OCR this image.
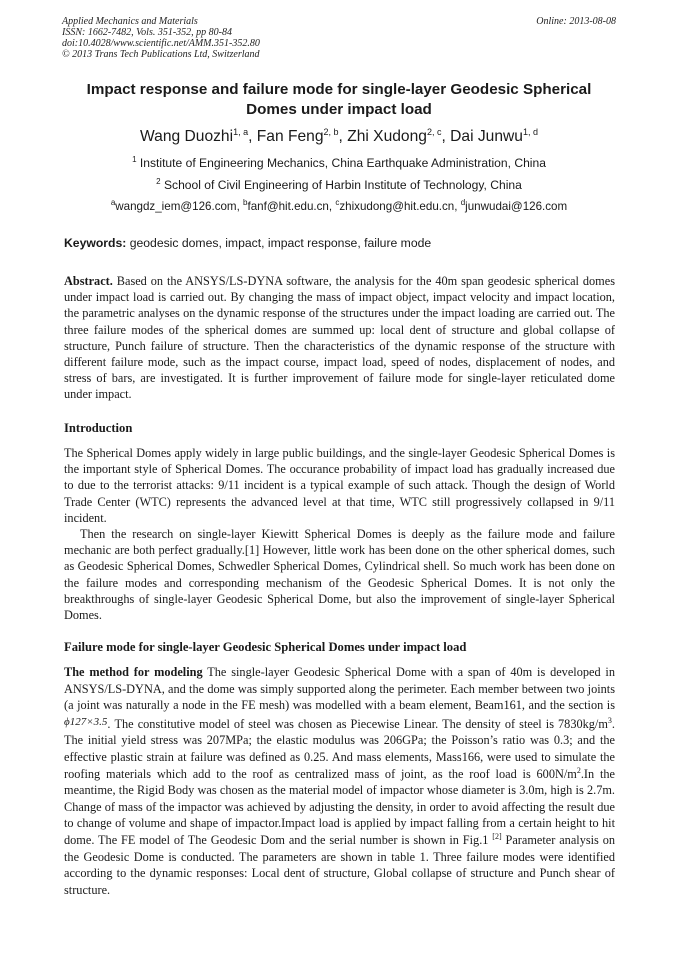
Applied Mechanics and Materials
ISSN: 1662-7482, Vols. 351-352, pp 80-84
doi:10.4028/www.scientific.net/AMM.351-352.80
© 2013 Trans Tech Publications Ltd, Switzerland
Online: 2013-08-08
Impact response and failure mode for single-layer Geodesic Spherical Domes under impact load
Wang Duozhi$^{1, a}$, Fan Feng$^{2, b}$, Zhi Xudong$^{2, c}$, Dai Junwu$^{1, d}$
$^1$ Institute of Engineering Mechanics, China Earthquake Administration, China
$^2$ School of Civil Engineering of Harbin Institute of Technology, China
$^a$wangdz_iem@126.com, $^b$fanf@hit.edu.cn, $^c$zhixudong@hit.edu.cn, $^d$junwudai@126.com
Keywords: geodesic domes, impact, impact response, failure mode
Abstract. Based on the ANSYS/LS-DYNA software, the analysis for the 40m span geodesic spherical domes under impact load is carried out. By changing the mass of impact object, impact velocity and impact location, the parametric analyses on the dynamic response of the structures under the impact loading are carried out. The three failure modes of the spherical domes are summed up: local dent of structure and global collapse of structure, Punch failure of structure. Then the characteristics of the dynamic response of the structure with different failure mode, such as the impact course, impact load, speed of nodes, displacement of nodes, and stress of bars, are investigated. It is further improvement of failure mode for single-layer reticulated dome under impact.
Introduction
The Spherical Domes apply widely in large public buildings, and the single-layer Geodesic Spherical Domes is the important style of Spherical Domes. The occurance probability of impact load has gradually increased due to due to the terrorist attacks: 9/11 incident is a typical example of such attack. Though the design of World Trade Center (WTC) represents the advanced level at that time, WTC still progressively collapsed in 9/11 incident.
Then the research on single-layer Kiewitt Spherical Domes is deeply as the failure mode and failure mechanic are both perfect gradually.[1] However, little work has been done on the other spherical domes, such as Geodesic Spherical Domes, Schwedler Spherical Domes, Cylindrical shell. So much work has been done on the failure modes and corresponding mechanism of the Geodesic Spherical Domes. It is not only the breakthroughs of single-layer Geodesic Spherical Dome, but also the improvement of single-layer Spherical Domes.
Failure mode for single-layer Geodesic Spherical Domes under impact load
The method for modeling The single-layer Geodesic Spherical Dome with a span of 40m is developed in ANSYS/LS-DYNA, and the dome was simply supported along the perimeter. Each member between two joints (a joint was naturally a node in the FE mesh) was modelled with a beam element, Beam161, and the section is ϕ127×3.5. The constitutive model of steel was chosen as Piecewise Linear. The density of steel is $7830kg/m^3$. The initial yield stress was 207MPa; the elastic modulus was 206GPa; the Poisson’s ratio was 0.3; and the effective plastic strain at failure was defined as 0.25. And mass elements, Mass166, were used to simulate the roofing materials which add to the roof as centralized mass of joint, as the roof load is $600N/m^2.In$ the meantime, the Rigid Body was chosen as the material model of impactor whose diameter is 3.0m, high is 2.7m. Change of mass of the impactor was achieved by adjusting the density, in order to avoid affecting the result due to change of volume and shape of impactor.Impact load is applied by impact falling from a certain height to hit dome. The FE model of The Geodesic Dom and the serial number is shown in Fig.1 [2] Parameter analysis on the Geodesic Dome is conducted. The parameters are shown in table 1. Three failure modes were identified according to the dynamic responses: Local dent of structure, Global collapse of structure and Punch shear of structure.
